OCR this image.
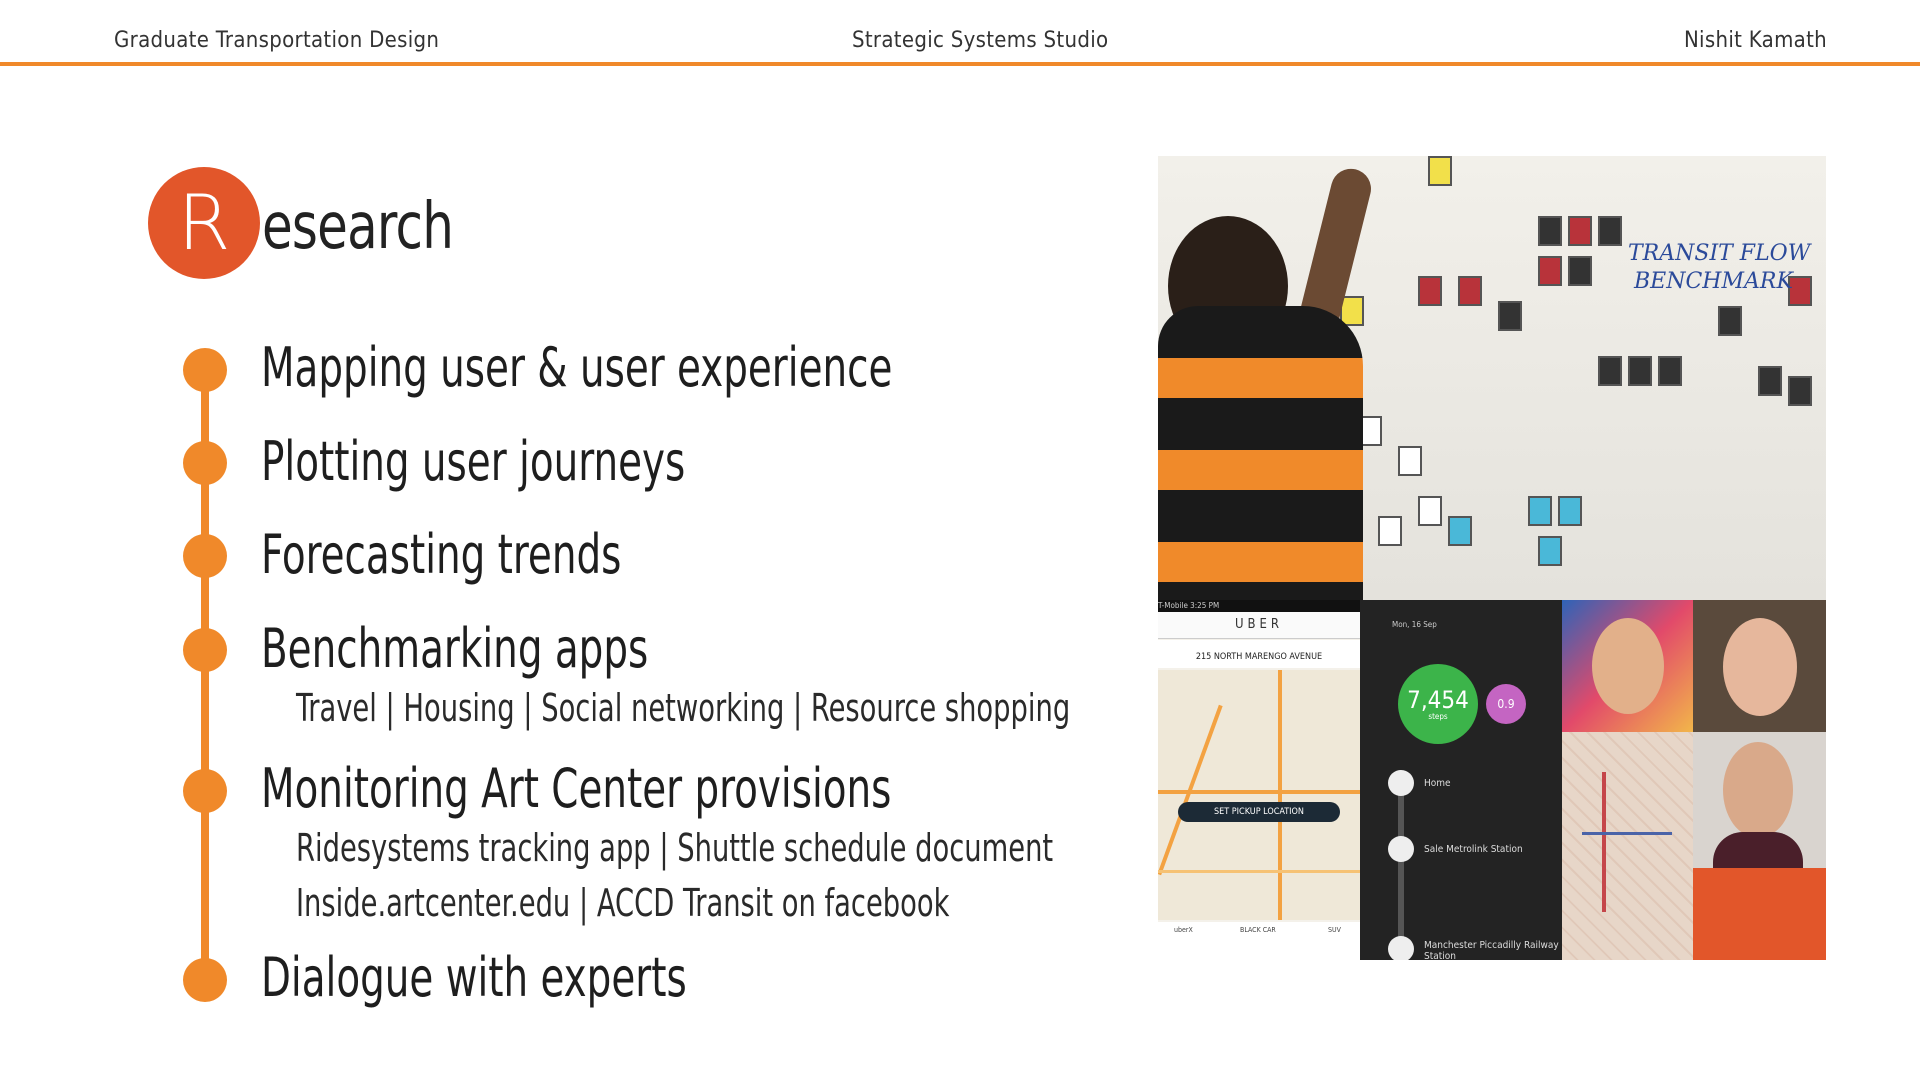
Graduate Transportation Design	Strategic Systems Studio	Nishit Kamath
R esearch
Mapping user & user experience
Plotting user journeys
Forecasting trends
Benchmarking apps
Travel | Housing | Social networking | Resource shopping
Monitoring Art Center provisions
Ridesystems tracking app | Shuttle schedule document
Inside.artcenter.edu | ACCD Transit on facebook
Dialogue with experts
TRANSIT FLOW
BENCHMARK
T-Mobile 3:25 PM
UBER
215 NORTH MARENGO AVENUE
SET PICKUP LOCATION
uberX	BLACK CAR	SUV
Mon, 16 Sep
7,454
steps
0.9
Home
Sale Metrolink Station
Manchester Piccadilly Railway Station
